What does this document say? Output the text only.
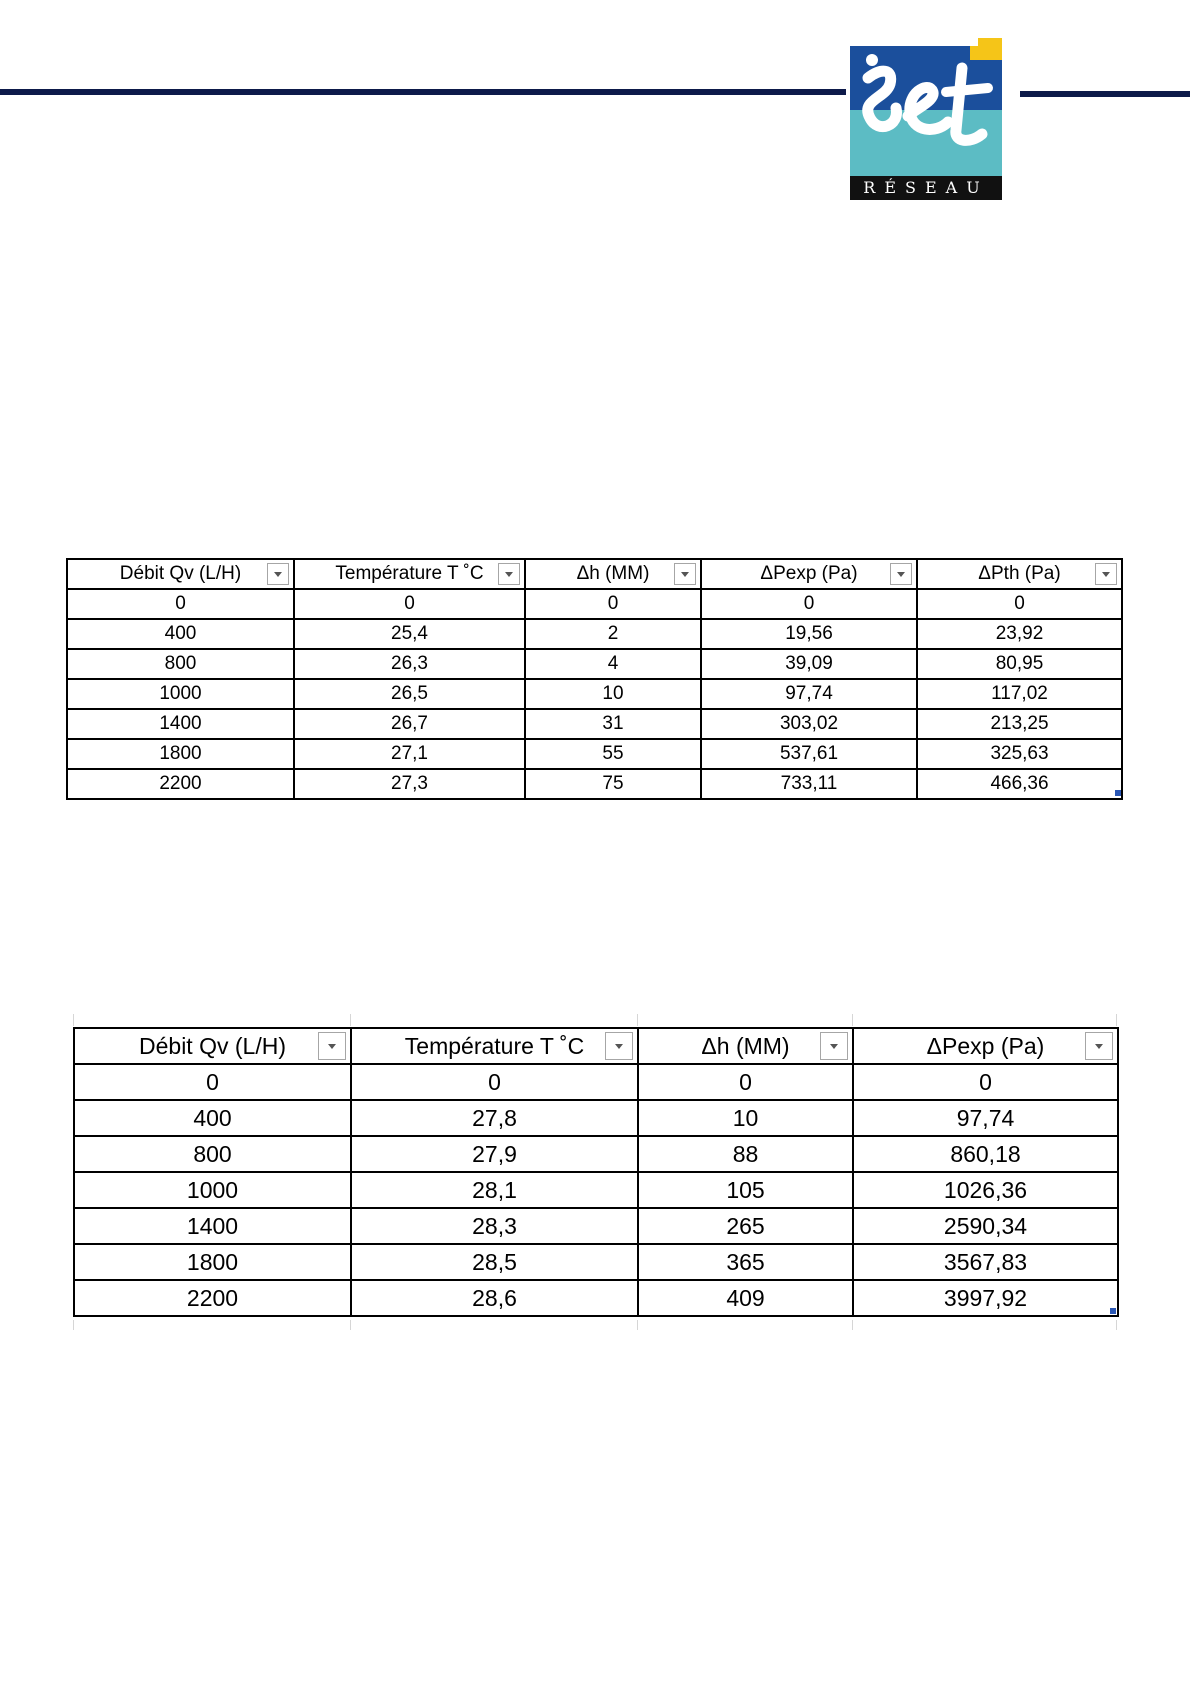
RÉSEAU
Débit Qv (L/H)	Température T ˚C	Δh (MM)	ΔPexp (Pa)	ΔPth (Pa)

0	0	0	0	0
400	25,4	2	19,56	23,92
800	26,3	4	39,09	80,95
1000	26,5	10	97,74	117,02
1400	26,7	31	303,02	213,25
1800	27,1	55	537,61	325,63
2200	27,3	75	733,11	466,36
Débit Qv (L/H)	Température T ˚C	Δh (MM)	ΔPexp (Pa)

0	0	0	0
400	27,8	10	97,74
800	27,9	88	860,18
1000	28,1	105	1026,36
1400	28,3	265	2590,34
1800	28,5	365	3567,83
2200	28,6	409	3997,92
